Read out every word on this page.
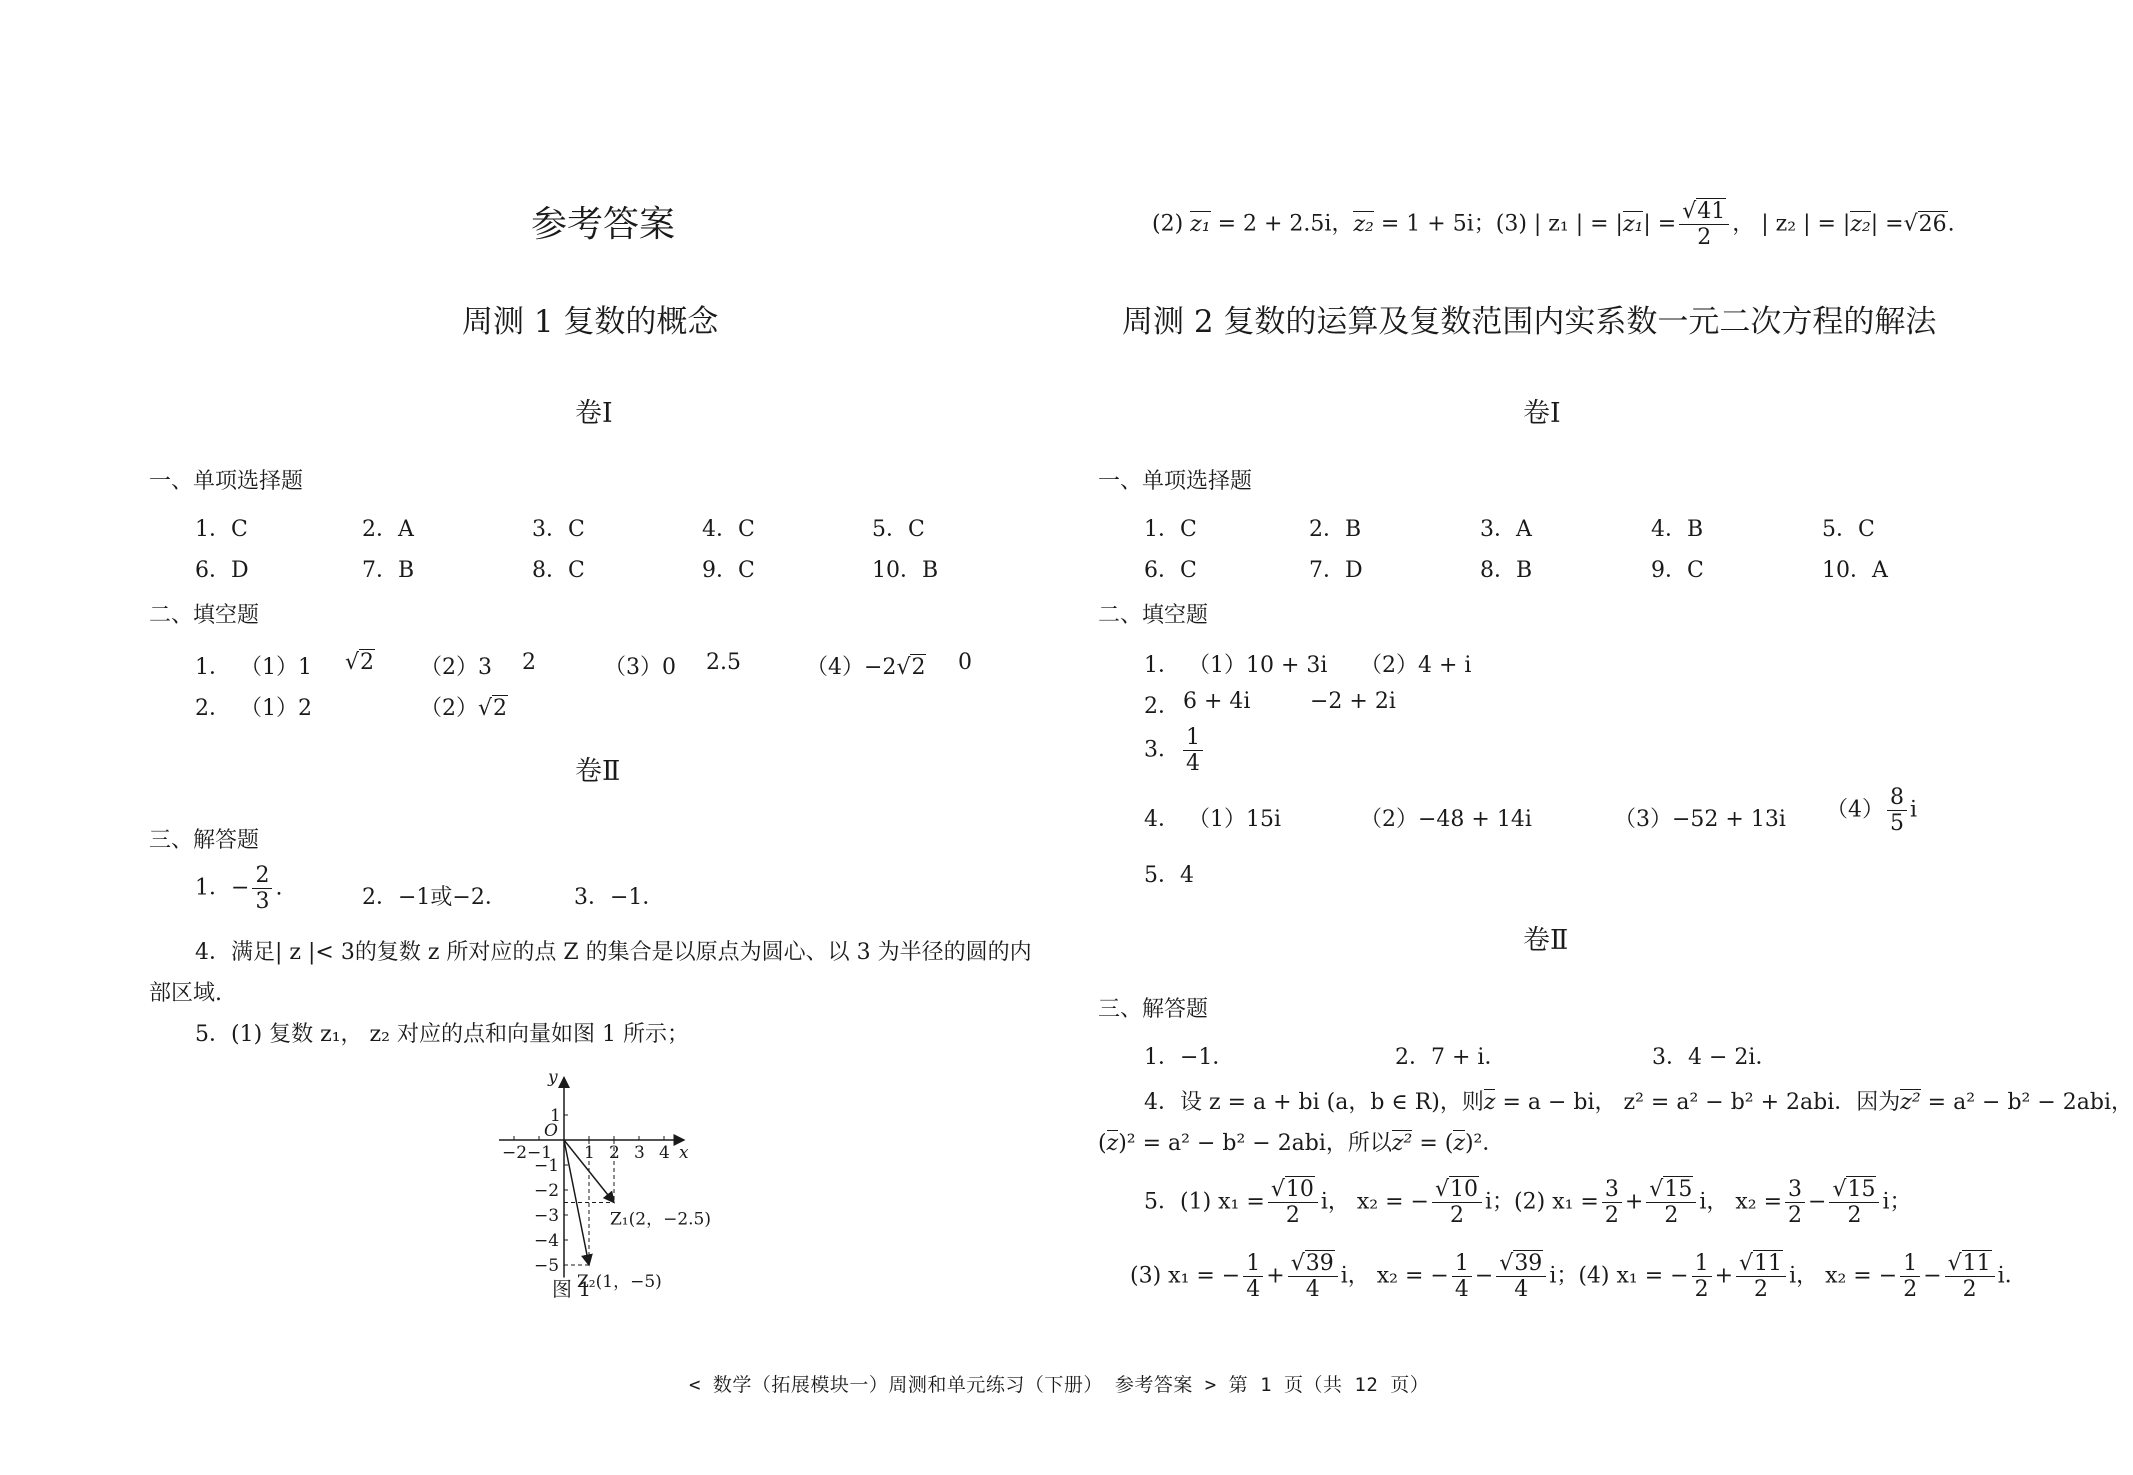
参考答案
周测 1 复数的概念
卷Ⅰ
一、单项选择题
1．C	2．A	3．C	4．C	5．C
6．D	7．B	8．C	9．C	10．B
二、填空题
1． （1）1 √2 （2）3 2	（3）0 2.5	（4）−2√2 0
2． （1）2	（2）√2
卷Ⅱ
三、解答题
1．− $\frac{2}{3}$ .	2．−1或−2．	3．−1．
4．满足| z |< 3的复数 z 所对应的点 Z 的集合是以原点为圆心、以 3 为半径的圆的内
部区域.
5．(1) 复数 z₁， z₂ 对应的点和向量如图 1 所示；
x
y
O
−2 −1 1 2 3 4
1
−1
−2
−3
−4
−5
Z₁(2，−2.5)
Z₂(1，−5)
图 1
(2) z₁ = 2 + 2.5i，z₂ = 1 + 5i；(3) | z₁ | = $|z_1| = \frac{√41}{2}$ ， | z₂ | = |z₂| =√26.
周测 2 复数的运算及复数范围内实系数一元二次方程的解法
卷Ⅰ
一、单项选择题
1．C	2．B	3．A	4．B	5．C
6．C	7．D	8．B	9．C	10．A
二、填空题
1． （1）10 + 3i （2）4 + i
2． 6 + 4i	−2 + 2i
3． $\frac{1}{4}$
4． （1）15i	（2）−48 + 14i	（3）−52 + 13i $(4) \frac{8}{5}$ i
5．4
卷Ⅱ
三、解答题
1．−1．	2．7 + i．	3．4 − 2i．
4．设 z = a + bi (a，b ∈ R)，则z = a − bi， z² = a² − b² + 2abi．因为z² = a² − b² − 2abi，
(z)² = a² − b² − 2abi，所以z² = (z)²．
5．(1) $x_1 = \frac{√10}{2}$ i， x₂ = − $\frac{√10}{2}$ i；(2) $x_1 = \frac{3}{2} + \frac{√15}{2}$ i， $x_2 = \frac{3}{2} - \frac{√15}{2}$ i；
(3) x₁ = − $\frac{1}{4} + \frac{√39}{4}$ i， x₂ = − $\frac{1}{4} - \frac{√39}{4}$ i；(4) x₁ = − $\frac{1}{2} + \frac{√11}{2}$ i， x₂ = − $\frac{1}{2} - \frac{√11}{2}$ i．
< 数学（拓展模块一）周测和单元练习（下册） 参考答案 > 第 1 页（共 12 页）
